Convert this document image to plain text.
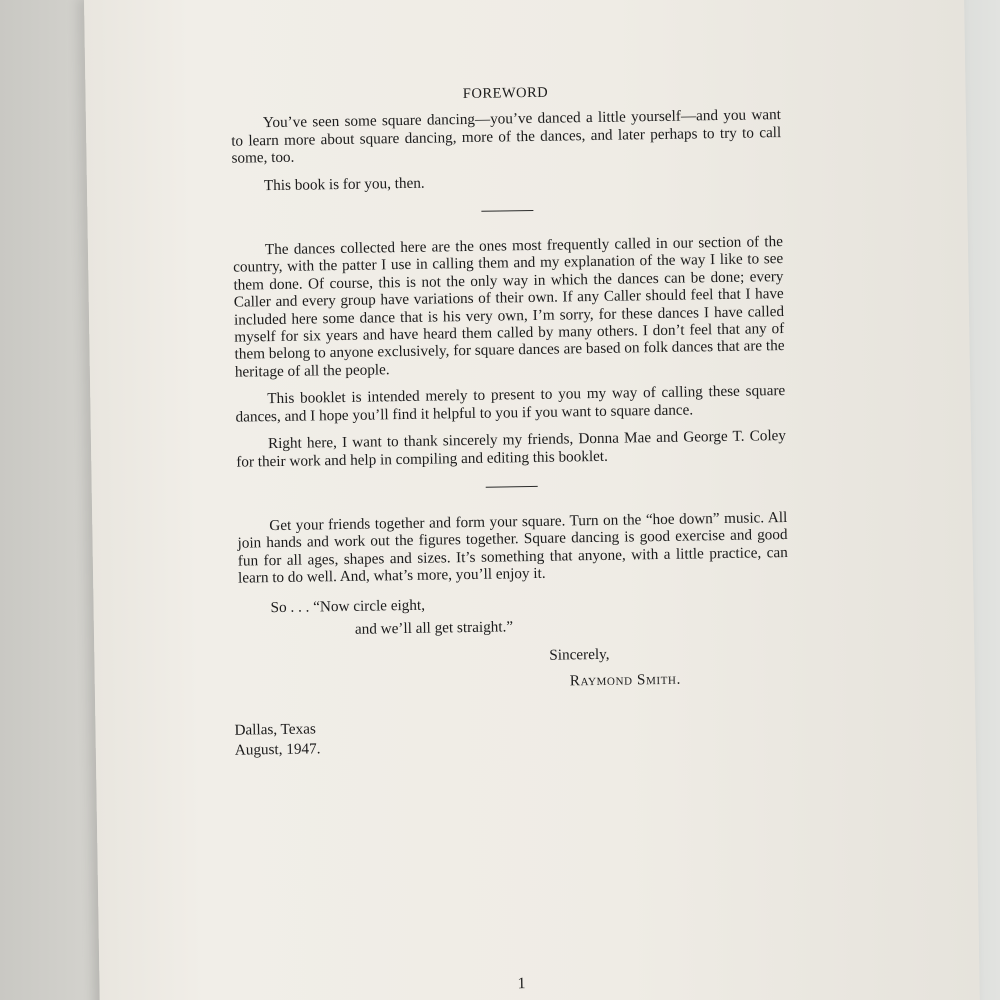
FOREWORD

You’ve seen some square dancing—you’ve danced a little yourself—and you want to learn more about square dancing, more of the dances, and later perhaps to try to call some, too.

This book is for you, then.

The dances collected here are the ones most frequently called in our section of the country, with the patter I use in calling them and my explanation of the way I like to see them done. Of course, this is not the only way in which the dances can be done; every Caller and every group have variations of their own. If any Caller should feel that I have included here some dance that is his very own, I’m sorry, for these dances I have called myself for six years and have heard them called by many others. I don’t feel that any of them belong to anyone exclusively, for square dances are based on folk dances that are the heritage of all the people.

This booklet is intended merely to present to you my way of calling these square dances, and I hope you’ll find it helpful to you if you want to square dance.

Right here, I want to thank sincerely my friends, Donna Mae and George T. Coley for their work and help in compiling and editing this booklet.

Get your friends together and form your square. Turn on the “hoe down” music. All join hands and work out the figures together. Square dancing is good exercise and good fun for all ages, shapes and sizes. It’s something that anyone, with a little practice, can learn to do well. And, what’s more, you’ll enjoy it.

So . . . “Now circle eight,
and we’ll all get straight.”
Sincerely,
Raymond Smith.
Dallas, Texas
August, 1947.
1
